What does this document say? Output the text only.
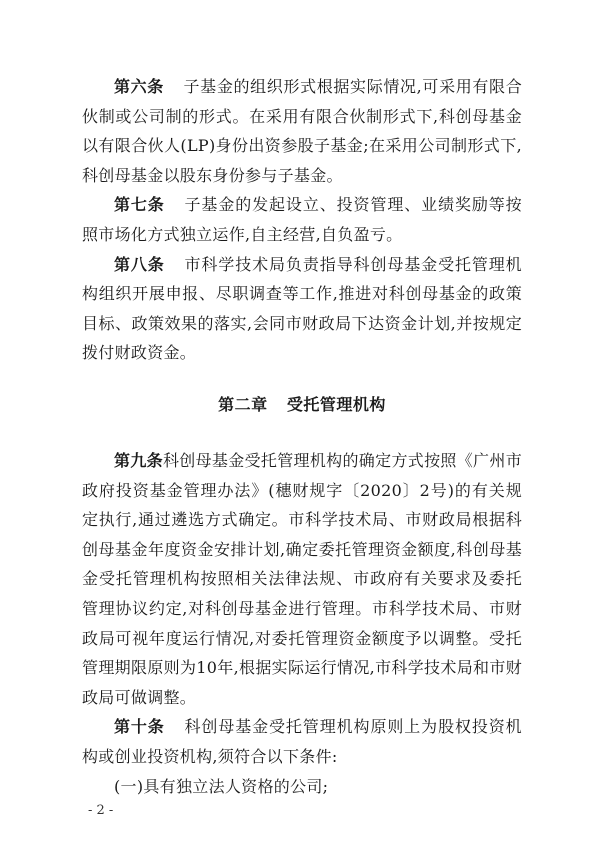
第六条 子基金的组织形式根据实际情况,可采用有限合伙制或公司制的形式。在采用有限合伙制形式下,科创母基金以有限合伙人(LP)身份出资参股子基金;在采用公司制形式下,科创母基金以股东身份参与子基金。

第七条 子基金的发起设立、投资管理、业绩奖励等按照市场化方式独立运作,自主经营,自负盈亏。

第八条 市科学技术局负责指导科创母基金受托管理机构组织开展申报、尽职调查等工作,推进对科创母基金的政策目标、政策效果的落实,会同市财政局下达资金计划,并按规定拨付财政资金。

第二章 受托管理机构

第九条科创母基金受托管理机构的确定方式按照《广州市政府投资基金管理办法》(穗财规字〔2020〕2号)的有关规定执行,通过遴选方式确定。市科学技术局、市财政局根据科创母基金年度资金安排计划,确定委托管理资金额度,科创母基金受托管理机构按照相关法律法规、市政府有关要求及委托管理协议约定,对科创母基金进行管理。市科学技术局、市财政局可视年度运行情况,对委托管理资金额度予以调整。受托管理期限原则为10年,根据实际运行情况,市科学技术局和市财政局可做调整。

第十条 科创母基金受托管理机构原则上为股权投资机构或创业投资机构,须符合以下条件:

(一)具有独立法人资格的公司;

- 2 -
